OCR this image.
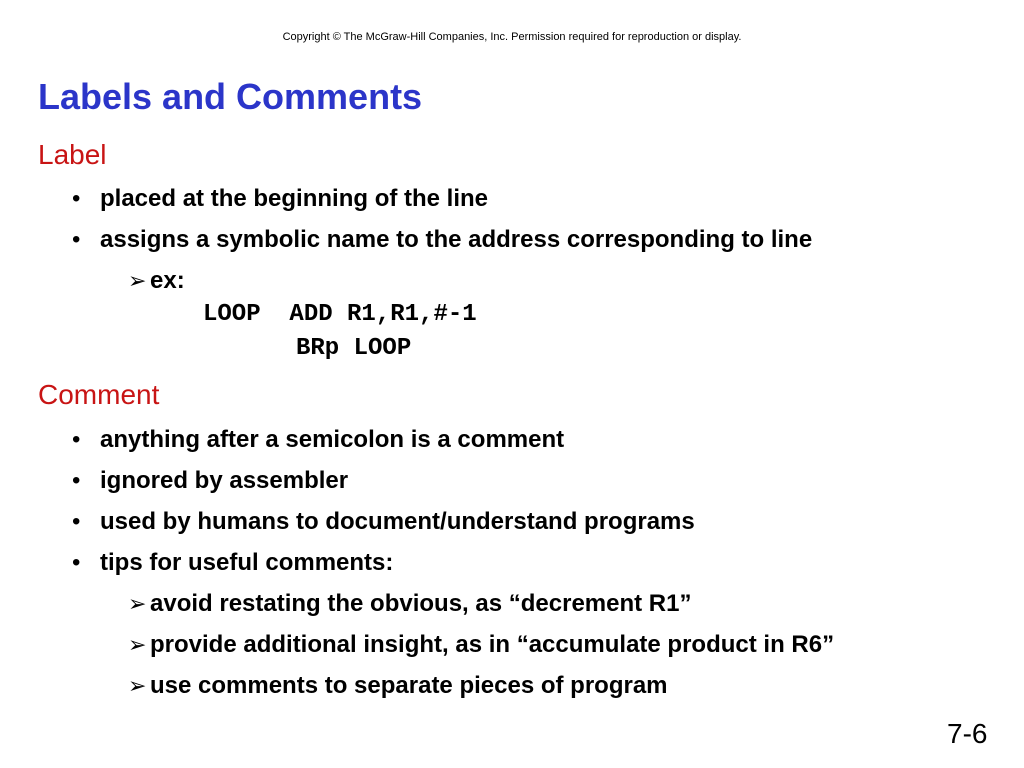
Copyright © The McGraw-Hill Companies, Inc. Permission required for reproduction or display.
Labels and Comments
Label
• placed at the beginning of the line
• assigns a symbolic name to the address corresponding to line
➢ ex:
LOOP  ADD R1,R1,#-1
BRp LOOP
Comment
• anything after a semicolon is a comment
• ignored by assembler
• used by humans to document/understand programs
• tips for useful comments:
➢ avoid restating the obvious, as “decrement R1”
➢ provide additional insight, as in “accumulate product in R6”
➢ use comments to separate pieces of program
7-6
